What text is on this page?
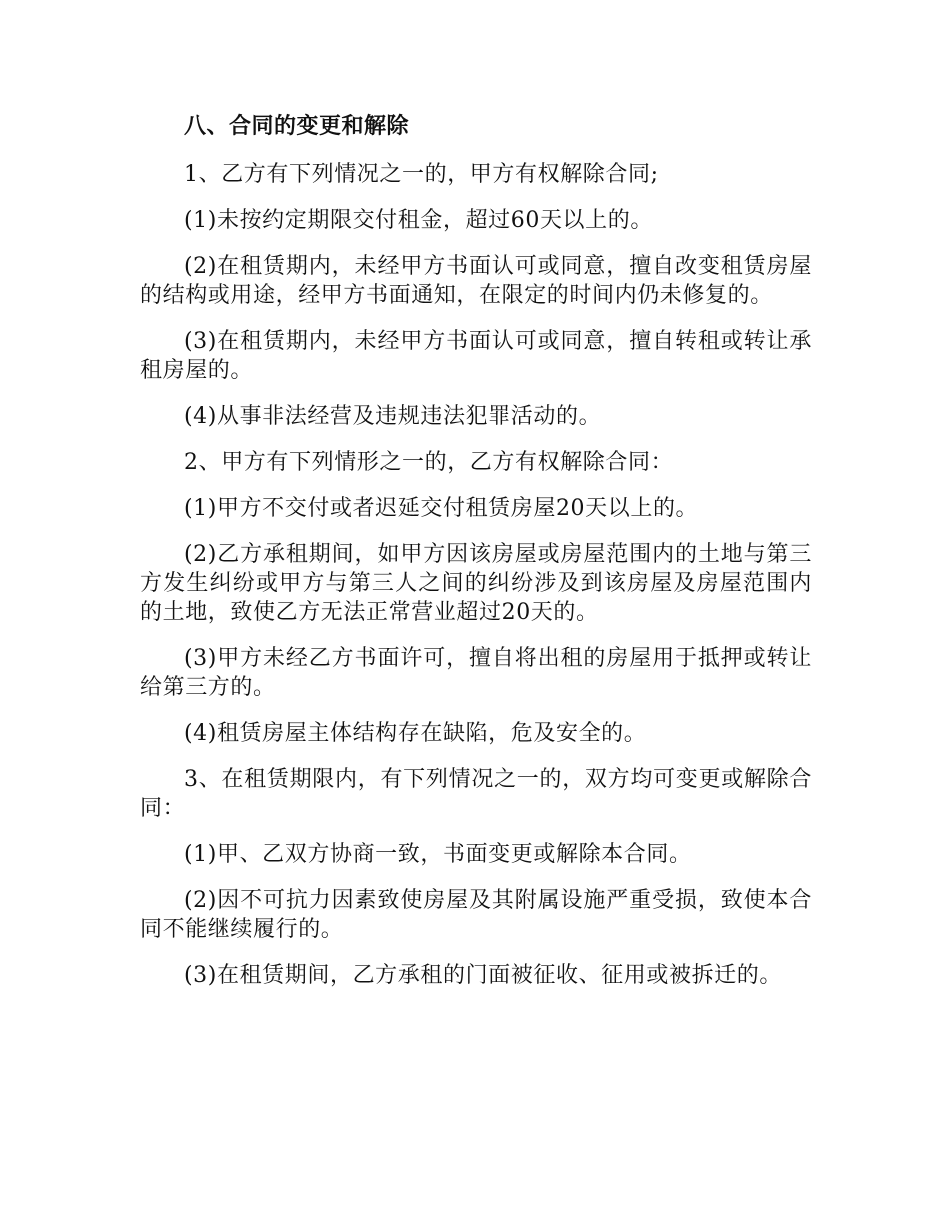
八、合同的变更和解除

1、乙方有下列情况之一的，甲方有权解除合同;

(1)未按约定期限交付租金，超过60天以上的。

(2)在租赁期内，未经甲方书面认可或同意，擅自改变租赁房屋的结构或用途，经甲方书面通知，在限定的时间内仍未修复的。

(3)在租赁期内，未经甲方书面认可或同意，擅自转租或转让承租房屋的。

(4)从事非法经营及违规违法犯罪活动的。

2、甲方有下列情形之一的，乙方有权解除合同：

(1)甲方不交付或者迟延交付租赁房屋20天以上的。

(2)乙方承租期间，如甲方因该房屋或房屋范围内的土地与第三方发生纠纷或甲方与第三人之间的纠纷涉及到该房屋及房屋范围内的土地，致使乙方无法正常营业超过20天的。

(3)甲方未经乙方书面许可，擅自将出租的房屋用于抵押或转让给第三方的。

(4)租赁房屋主体结构存在缺陷，危及安全的。

3、在租赁期限内，有下列情况之一的，双方均可变更或解除合同：

(1)甲、乙双方协商一致，书面变更或解除本合同。

(2)因不可抗力因素致使房屋及其附属设施严重受损，致使本合同不能继续履行的。

(3)在租赁期间，乙方承租的门面被征收、征用或被拆迁的。
